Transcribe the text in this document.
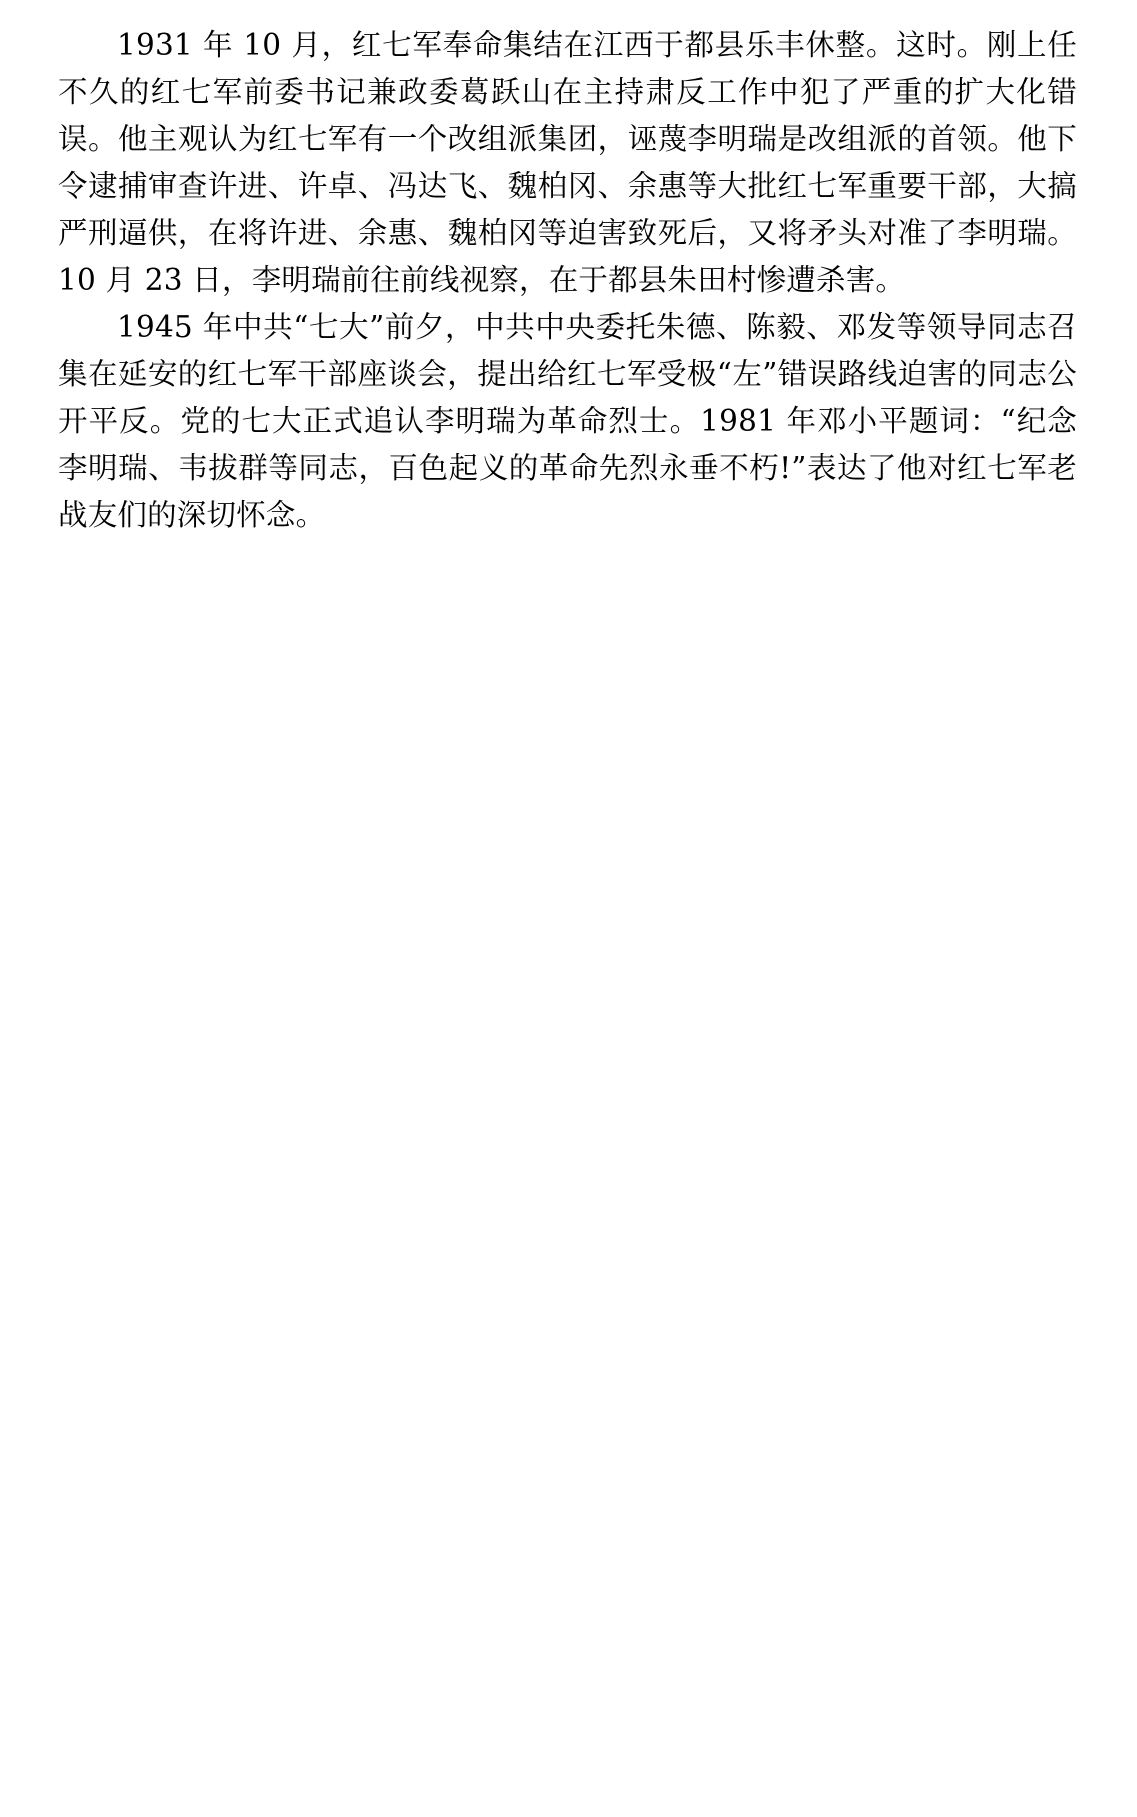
1931 年 10 月，红七军奉命集结在江西于都县乐丰休整。这时。刚上任不久的红七军前委书记兼政委葛跃山在主持肃反工作中犯了严重的扩大化错误。他主观认为红七军有一个改组派集团，诬蔑李明瑞是改组派的首领。他下令逮捕审查许进、许卓、冯达飞、魏柏冈、余惠等大批红七军重要干部，大搞严刑逼供，在将许进、余惠、魏柏冈等迫害致死后，又将矛头对准了李明瑞。10 月 23 日，李明瑞前往前线视察，在于都县朱田村惨遭杀害。

1945 年中共“七大”前夕，中共中央委托朱德、陈毅、邓发等领导同志召集在延安的红七军干部座谈会，提出给红七军受极“左”错误路线迫害的同志公开平反。党的七大正式追认李明瑞为革命烈士。1981 年邓小平题词：“纪念李明瑞、韦拔群等同志，百色起义的革命先烈永垂不朽!”表达了他对红七军老战友们的深切怀念。
